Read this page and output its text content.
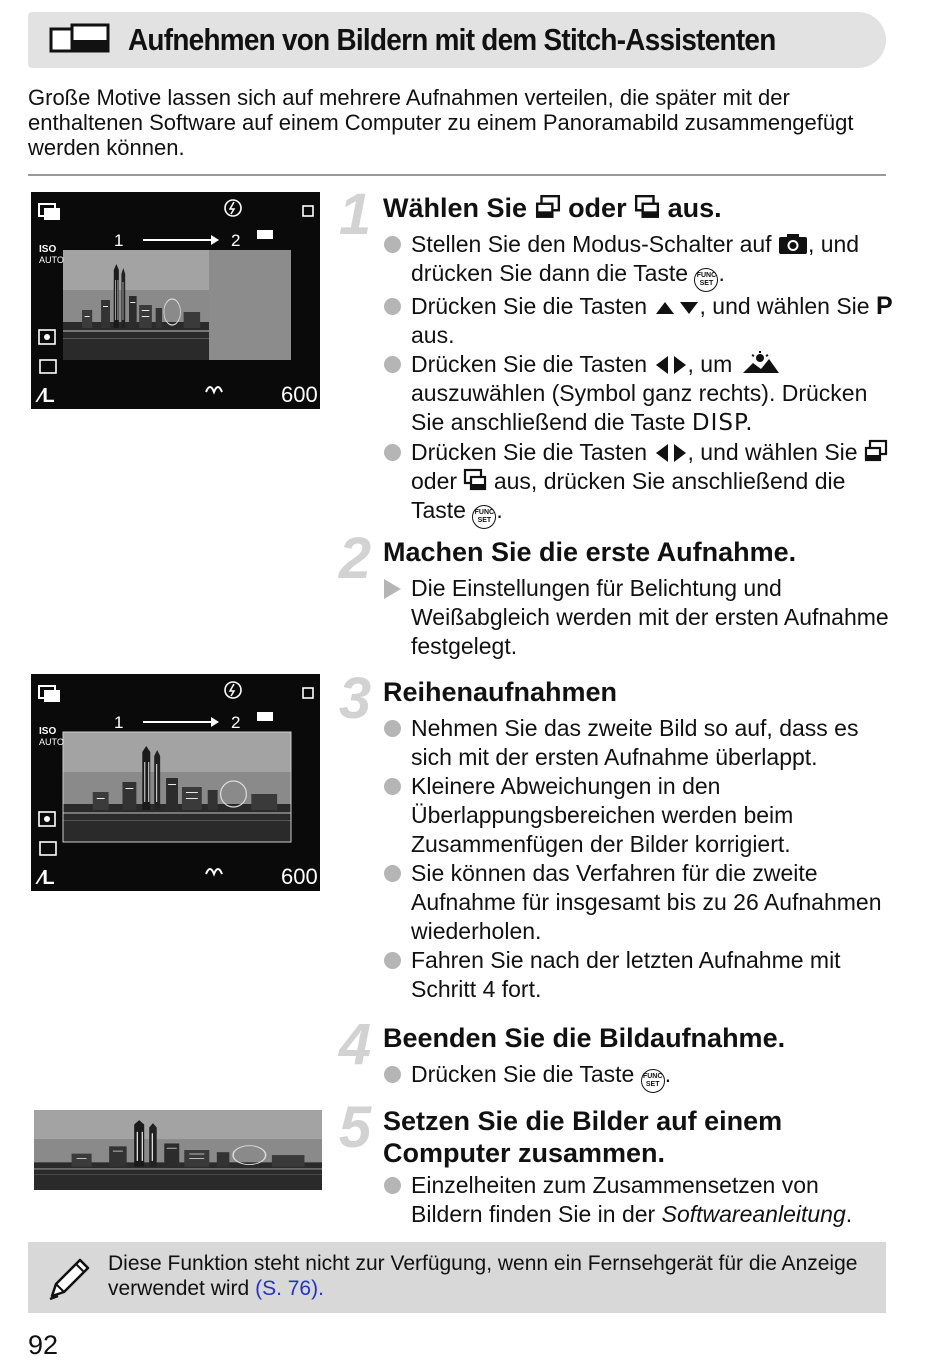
Aufnehmen von Bildern mit dem Stitch-Assistenten

Große Motive lassen sich auf mehrere Aufnahmen verteilen, die später mit der enthaltenen Software auf einem Computer zu einem Panoramabild zusammengefügt werden können.

1	2
ISO
AUTO
⁄L	600
1	2
ISO
AUTO
⁄L	600
1 Wählen Sie oder aus.
Stellen Sie den Modus-Schalter auf , und drücken Sie dann die Taste FUNC
SET .
Drücken Sie die Tasten , und wählen Sie P aus.
Drücken Sie die Tasten , um  auszuwählen (Symbol ganz rechts). Drücken Sie anschließend die Taste DISP.
Drücken Sie die Tasten , und wählen Sie  oder aus, drücken Sie anschließend die Taste FUNC
SET .
2 Machen Sie die erste Aufnahme.
Die Einstellungen für Belichtung und Weißabgleich werden mit der ersten Aufnahme festgelegt.
3 Reihenaufnahmen
Nehmen Sie das zweite Bild so auf, dass es sich mit der ersten Aufnahme überlappt.
Kleinere Abweichungen in den Überlappungsbereichen werden beim Zusammenfügen der Bilder korrigiert.
Sie können das Verfahren für die zweite Aufnahme für insgesamt bis zu 26 Aufnahmen wiederholen.
Fahren Sie nach der letzten Aufnahme mit Schritt 4 fort.
4 Beenden Sie die Bildaufnahme.
Drücken Sie die Taste FUNC
SET .
5 Setzen Sie die Bilder auf einem Computer zusammen.
Einzelheiten zum Zusammensetzen von Bildern finden Sie in der Softwareanleitung.
Diese Funktion steht nicht zur Verfügung, wenn ein Fernsehgerät für die Anzeige verwendet wird (S. 76).
92
